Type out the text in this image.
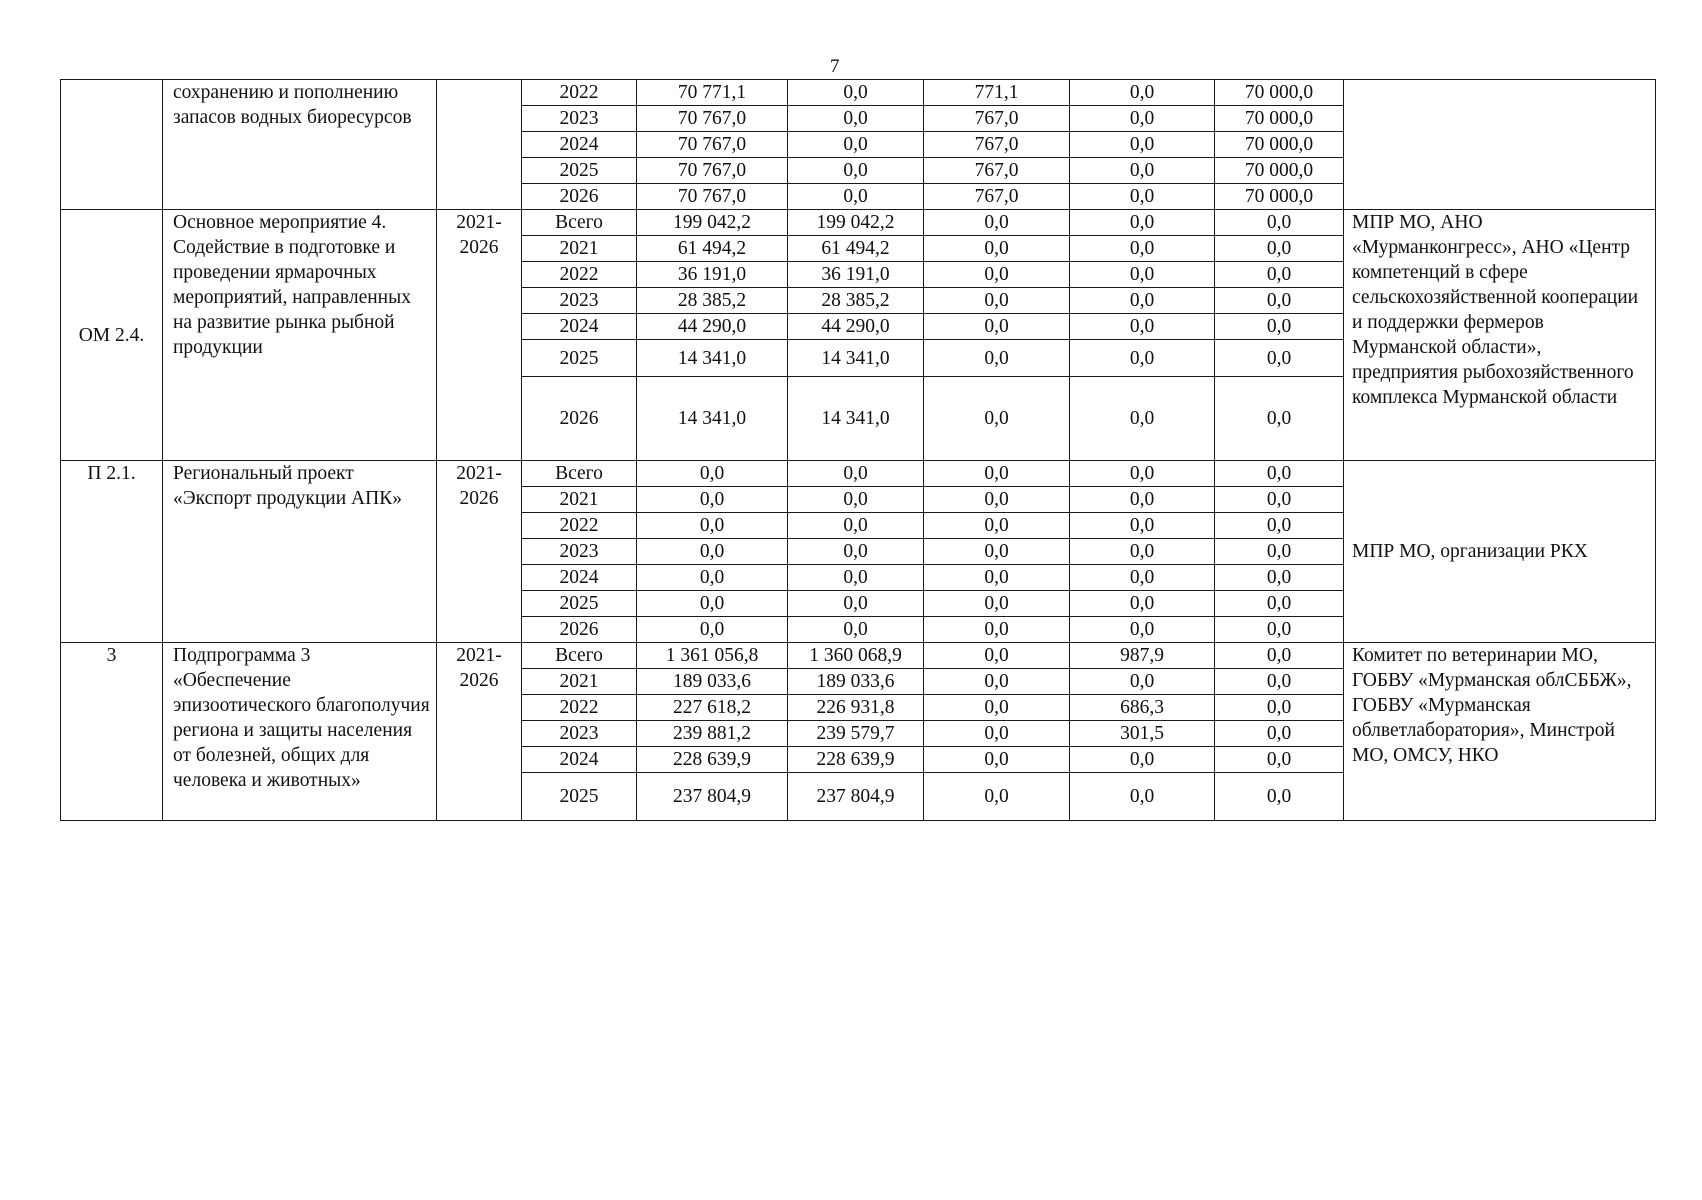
7
	сохранению и пополнению запасов водных биоресурсов		2022	70 771,1	0,0	771,1	0,0	70 000,0	
			2023	70 767,0	0,0	767,0	0,0	70 000,0	
			2024	70 767,0	0,0	767,0	0,0	70 000,0	
			2025	70 767,0	0,0	767,0	0,0	70 000,0	
			2026	70 767,0	0,0	767,0	0,0	70 000,0	
ОМ 2.4.	Основное мероприятие 4. Содействие в подготовке и проведении ярмарочных мероприятий, направленных на развитие рынка рыбной продукции	2021-2026	Всего	199 042,2	199 042,2	0,0	0,0	0,0	МПР МО, АНО «Мурманконгресс», АНО «Центр компетенций в сфере сельскохозяйственной кооперации и поддержки фермеров Мурманской области», предприятия рыбохозяйственного комплекса Мурманской области
			2021	61 494,2	61 494,2	0,0	0,0	0,0	
			2022	36 191,0	36 191,0	0,0	0,0	0,0	
			2023	28 385,2	28 385,2	0,0	0,0	0,0	
			2024	44 290,0	44 290,0	0,0	0,0	0,0	
			2025	14 341,0	14 341,0	0,0	0,0	0,0	
			2026	14 341,0	14 341,0	0,0	0,0	0,0	
П 2.1.	Региональный проект «Экспорт продукции АПК»	2021-2026	Всего	0,0	0,0	0,0	0,0	0,0	МПР МО, организации РКХ
			2021	0,0	0,0	0,0	0,0	0,0	
			2022	0,0	0,0	0,0	0,0	0,0	
			2023	0,0	0,0	0,0	0,0	0,0	
			2024	0,0	0,0	0,0	0,0	0,0	
			2025	0,0	0,0	0,0	0,0	0,0	
			2026	0,0	0,0	0,0	0,0	0,0	
3	Подпрограмма 3 «Обеспечение эпизоотического благополучия региона и защиты населения от болезней, общих для человека и животных»	2021-2026	Всего	1 361 056,8	1 360 068,9	0,0	987,9	0,0	Комитет по ветеринарии МО, ГОБВУ «Мурманская облСББЖ», ГОБВУ «Мурманская облветлаборатория», Минстрой МО, ОМСУ, НКО
			2021	189 033,6	189 033,6	0,0	0,0	0,0	
			2022	227 618,2	226 931,8	0,0	686,3	0,0	
			2023	239 881,2	239 579,7	0,0	301,5	0,0	
			2024	228 639,9	228 639,9	0,0	0,0	0,0	
			2025	237 804,9	237 804,9	0,0	0,0	0,0	
